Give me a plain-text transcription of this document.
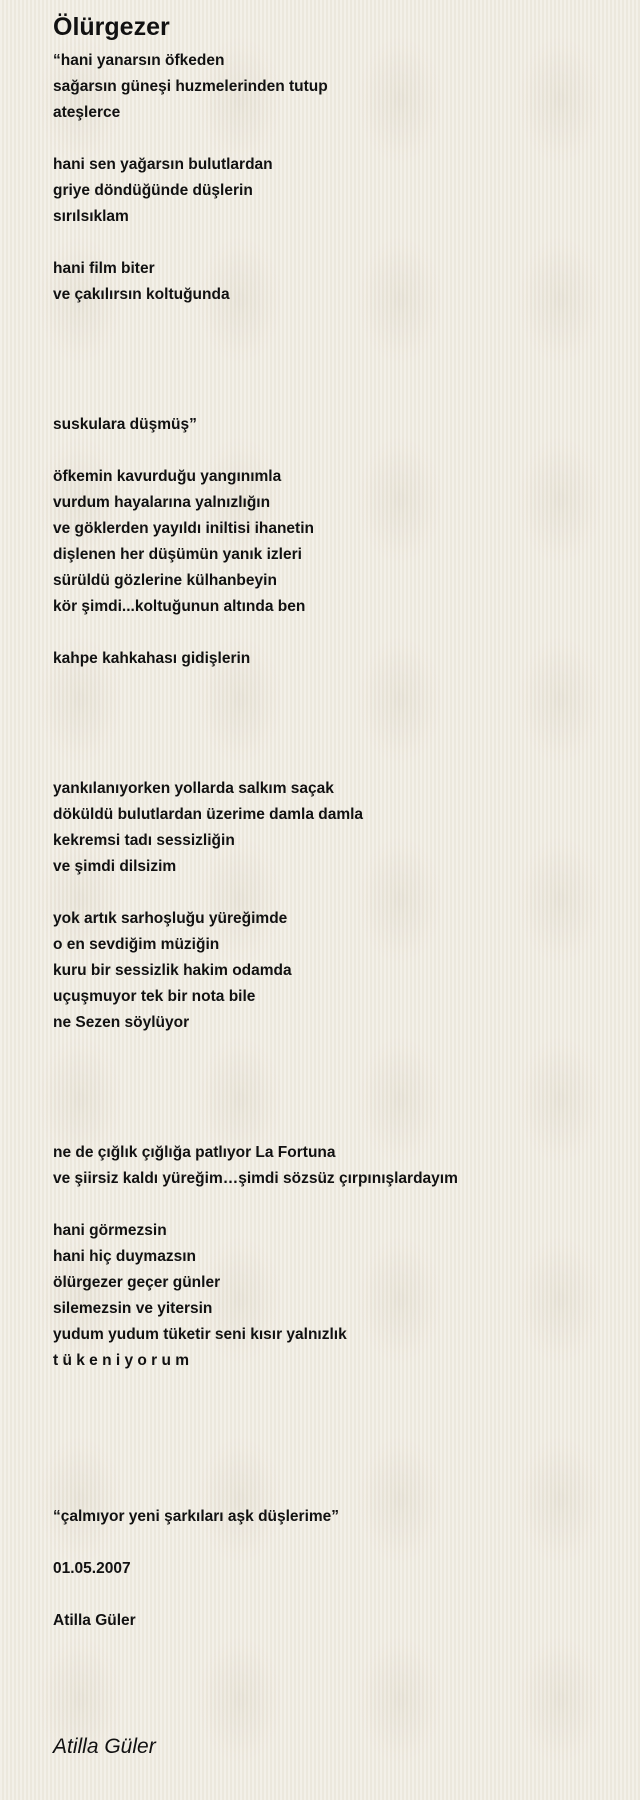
Ölürgezer
“hani yanarsın öfkeden
sağarsın güneşi huzmelerinden tutup
ateşlerce
hani sen yağarsın bulutlardan
griye döndüğünde düşlerin
sırılsıklam
hani film biter
ve çakılırsın koltuğunda
suskulara düşmüş”
öfkemin kavurduğu yangınımla
vurdum hayalarına yalnızlığın
ve göklerden yayıldı iniltisi ihanetin
dişlenen her düşümün yanık izleri
sürüldü gözlerine külhanbeyin
kör şimdi...koltuğunun altında ben
kahpe kahkahası gidişlerin
yankılanıyorken yollarda salkım saçak
döküldü bulutlardan üzerime damla damla
kekremsi tadı sessizliğin
ve şimdi dilsizim
yok artık sarhoşluğu yüreğimde
o en sevdiğim müziğin
kuru bir sessizlik hakim odamda
uçuşmuyor tek bir nota bile
ne Sezen söylüyor
ne de çığlık çığlığa patlıyor La Fortuna
ve şiirsiz kaldı yüreğim…şimdi sözsüz çırpınışlardayım
hani görmezsin
hani hiç duymazsın
ölürgezer geçer günler
silemezsin ve yitersin
yudum yudum tüketir seni kısır yalnızlık
t ü k e n i y o r u m
“çalmıyor yeni şarkıları aşk düşlerime”
01.05.2007
Atilla Güler
Atilla Güler
